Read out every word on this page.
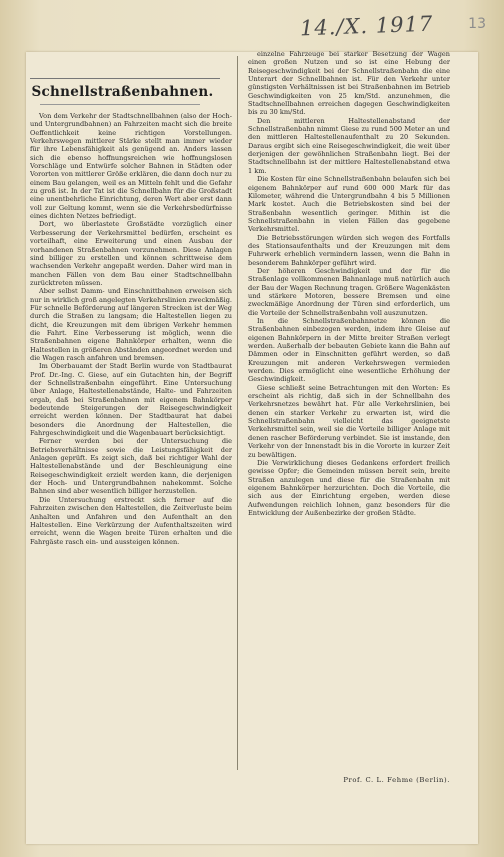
14./X. 1917 13
Schnellstraßenbahnen.

Von dem Verkehr der Stadtschnellbahnen (also der Hoch- und Untergrundbahnen) an Fahrzeiten macht sich die breite Oeffentlichkeit keine richtigen Vorstellungen. Verkehrswegen mittlerer Stärke stellt man immer wieder für ihre Lebensfähigkeit als genügend an. Anders lassen sich die ebenso hoffnungsreichen wie hoffnungslosen Vorschläge und Entwürfe solcher Bahnen in Städten oder Vororten von mittlerer Größe erklären, die dann doch nur zu einem Bau gelangen, weil es an Mitteln fehlt und die Gefahr zu groß ist. In der Tat ist die Schnellbahn für die Großstadt eine unentbehrliche Einrichtung, deren Wert aber erst dann voll zur Geltung kommt, wenn sie die Verkehrsbedürfnisse eines dichten Netzes befriedigt.

Dort, wo überlastete Großstädte vorzüglich einer Verbesserung der Verkehrsmittel bedürfen, erscheint es vorteilhaft, eine Erweiterung und einen Ausbau der vorhandenen Straßenbahnen vorzunehmen. Diese Anlagen sind billiger zu erstellen und können schrittweise dem wachsenden Verkehr angepaßt werden. Daher wird man in manchen Fällen von dem Bau einer Stadtschnellbahn zurücktreten müssen.

Aber selbst Damm- und Einschnittbahnen erweisen sich nur in wirklich groß angelegten Verkehrslinien zweckmäßig. Für schnelle Beförderung auf längeren Strecken ist der Weg durch die Straßen zu langsam; die Haltestellen liegen zu dicht, die Kreuzungen mit dem übrigen Verkehr hemmen die Fahrt. Eine Verbesserung ist möglich, wenn die Straßenbahnen eigene Bahnkörper erhalten, wenn die Haltestellen in größeren Abständen angeordnet werden und die Wagen rasch anfahren und bremsen.

Im Oberbauamt der Stadt Berlin wurde von Stadtbaurat Prof. Dr.-Ing. C. Giese, auf ein Gutachten hin, der Begriff der Schnellstraßenbahn eingeführt. Eine Untersuchung über Anlage, Haltestellenabstände, Halte- und Fahrzeiten ergab, daß bei Straßenbahnen mit eigenem Bahnkörper bedeutende Steigerungen der Reisegeschwindigkeit erreicht werden können. Der Stadtbaurat hat dabei besonders die Anordnung der Haltestellen, die Fahrgeschwindigkeit und die Wagenbauart berücksichtigt.

Ferner werden bei der Untersuchung die Betriebsverhältnisse sowie die Leistungsfähigkeit der Anlagen geprüft. Es zeigt sich, daß bei richtiger Wahl der Haltestellenabstände und der Beschleunigung eine Reisegeschwindigkeit erzielt werden kann, die derjenigen der Hoch- und Untergrundbahnen nahekommt. Solche Bahnen sind aber wesentlich billiger herzustellen.

Die Untersuchung erstreckt sich ferner auf die Fahrzeiten zwischen den Haltestellen, die Zeitverluste beim Anhalten und Anfahren und den Aufenthalt an den Haltestellen. Eine Verkürzung der Aufenthaltszeiten wird erreicht, wenn die Wagen breite Türen erhalten und die Fahrgäste rasch ein- und aussteigen können.

einzelne Fahrzeuge bei starker Besetzung der Wagen einen großen Nutzen und so ist eine Hebung der Reisegeschwindigkeit bei der Schnellstraßenbahn die eine Unterart der Schnellbahnen ist. Für den Verkehr unter günstigsten Verhältnissen ist bei Straßenbahnen im Betrieb Geschwindigkeiten von 25 km/Std. anzunehmen, die Stadtschnellbahnen erreichen dagegen Geschwindigkeiten bis zu 30 km/Std.

Den mittleren Haltestellenabstand der Schnellstraßenbahn nimmt Giese zu rund 500 Meter an und den mittleren Haltestellenaufenthalt zu 20 Sekunden. Daraus ergibt sich eine Reisegeschwindigkeit, die weit über derjenigen der gewöhnlichen Straßenbahn liegt. Bei der Stadtschnellbahn ist der mittlere Haltestellenabstand etwa 1 km.

Die Kosten für eine Schnellstraßenbahn belaufen sich bei eigenem Bahnkörper auf rund 600 000 Mark für das Kilometer, während die Untergrundbahn 4 bis 5 Millionen Mark kostet. Auch die Betriebskosten sind bei der Straßenbahn wesentlich geringer. Mithin ist die Schnellstraßenbahn in vielen Fällen das gegebene Verkehrsmittel.

Die Betriebsstörungen würden sich wegen des Fortfalls des Stationsaufenthalts und der Kreuzungen mit dem Fuhrwerk erheblich vermindern lassen, wenn die Bahn in besonderem Bahnkörper geführt wird.

Der höheren Geschwindigkeit und der für die Straßenlage vollkommenen Bahnanlage muß natürlich auch der Bau der Wagen Rechnung tragen. Größere Wagenkästen und stärkere Motoren, bessere Bremsen und eine zweckmäßige Anordnung der Türen sind erforderlich, um die Vorteile der Schnellstraßenbahn voll auszunutzen.

In die Schnellstraßenbahnnetze können die Straßenbahnen einbezogen werden, indem ihre Gleise auf eigenen Bahnkörpern in der Mitte breiter Straßen verlegt werden. Außerhalb der bebauten Gebiete kann die Bahn auf Dämmen oder in Einschnitten geführt werden, so daß Kreuzungen mit anderen Verkehrswegen vermieden werden. Dies ermöglicht eine wesentliche Erhöhung der Geschwindigkeit.

Giese schließt seine Betrachtungen mit den Worten: Es erscheint als richtig, daß sich in der Schnellbahn des Verkehrsnetzes bewährt hat. Für alle Verkehrslinien, bei denen ein starker Verkehr zu erwarten ist, wird die Schnellstraßenbahn vielleicht das geeignetste Verkehrsmittel sein, weil sie die Vorteile billiger Anlage mit denen rascher Beförderung verbindet. Sie ist imstande, den Verkehr von der Innenstadt bis in die Vororte in kurzer Zeit zu bewältigen.

Die Verwirklichung dieses Gedankens erfordert freilich gewisse Opfer; die Gemeinden müssen bereit sein, breite Straßen anzulegen und diese für die Straßenbahn mit eigenem Bahnkörper herzurichten. Doch die Vorteile, die sich aus der Einrichtung ergeben, werden diese Aufwendungen reichlich lohnen, ganz besonders für die Entwicklung der Außenbezirke der großen Städte.

Prof. C. L. Fehme (Berlin).
